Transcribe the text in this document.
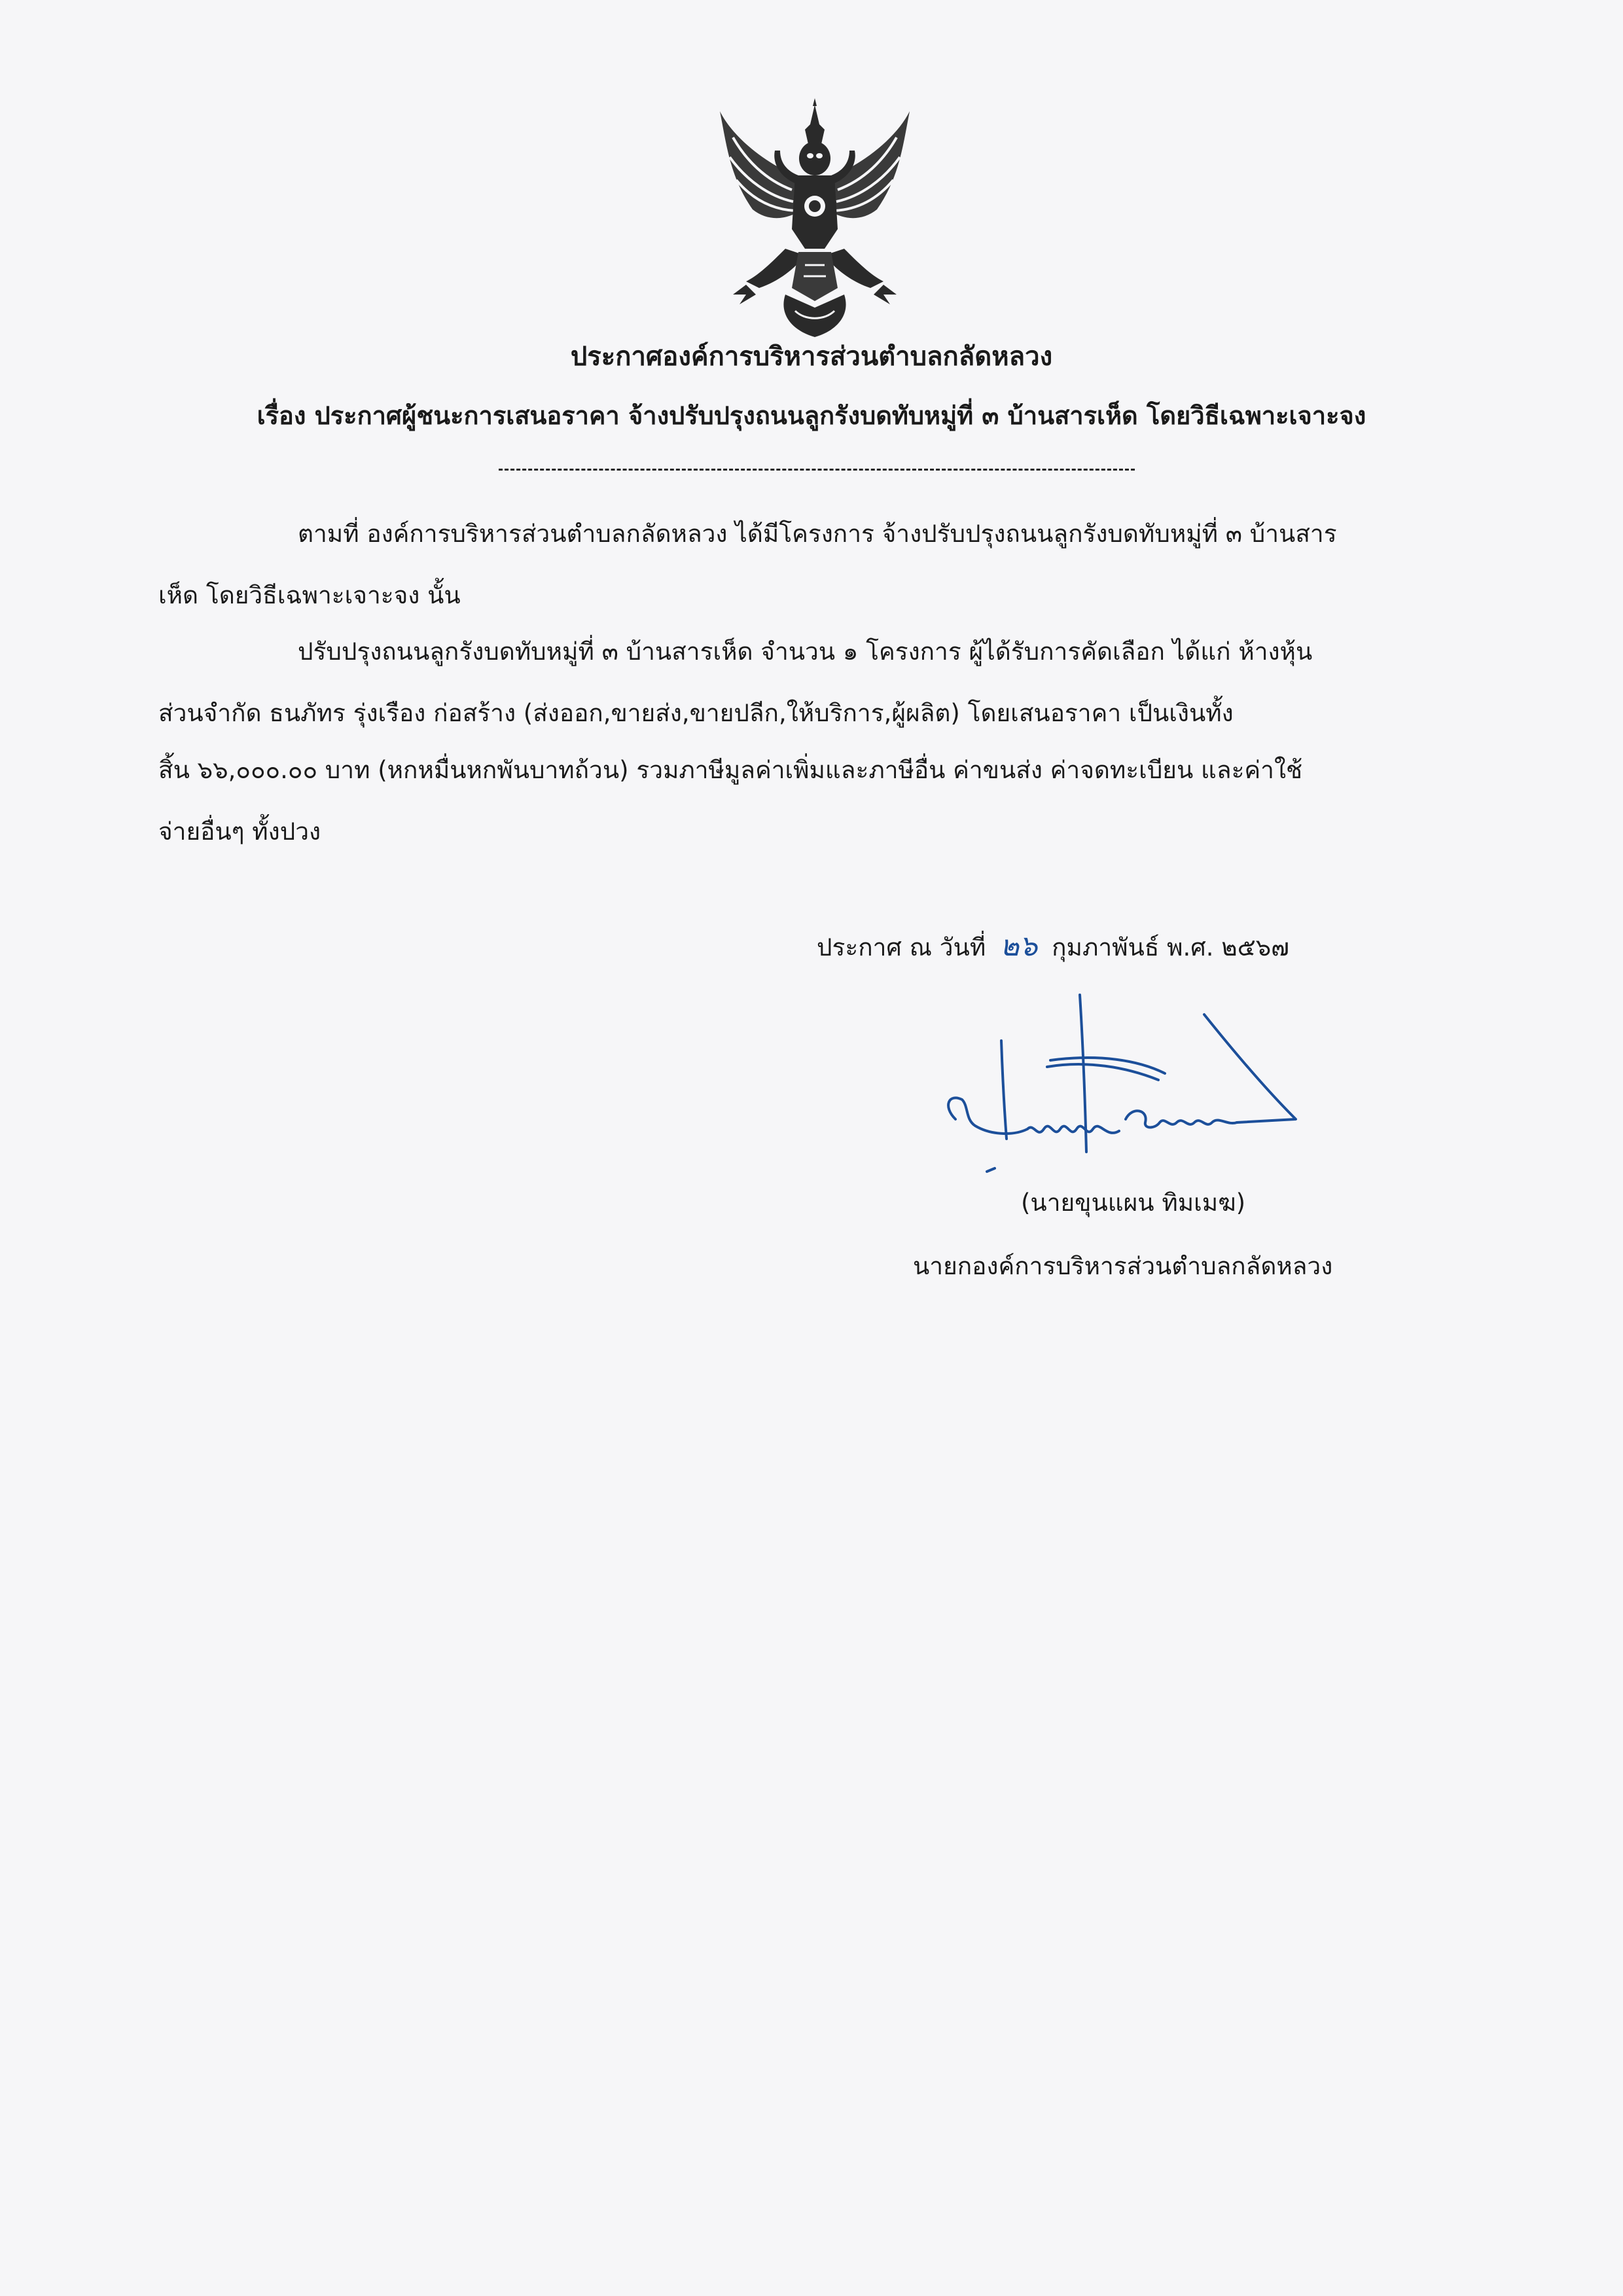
ประกาศองค์การบริหารส่วนตำบลกลัดหลวง
เรื่อง ประกาศผู้ชนะการเสนอราคา จ้างปรับปรุงถนนลูกรังบดทับหมู่ที่ ๓ บ้านสารเห็ด โดยวิธีเฉพาะเจาะจง
ตามที่ องค์การบริหารส่วนตำบลกลัดหลวง ได้มีโครงการ จ้างปรับปรุงถนนลูกรังบดทับหมู่ที่ ๓ บ้านสาร
เห็ด โดยวิธีเฉพาะเจาะจง นั้น
ปรับปรุงถนนลูกรังบดทับหมู่ที่ ๓ บ้านสารเห็ด จำนวน ๑ โครงการ ผู้ได้รับการคัดเลือก ได้แก่ ห้างหุ้น
ส่วนจำกัด ธนภัทร รุ่งเรือง ก่อสร้าง (ส่งออก,ขายส่ง,ขายปลีก,ให้บริการ,ผู้ผลิต) โดยเสนอราคา เป็นเงินทั้ง
สิ้น ๖๖,๐๐๐.๐๐ บาท (หกหมื่นหกพันบาทถ้วน) รวมภาษีมูลค่าเพิ่มและภาษีอื่น ค่าขนส่ง ค่าจดทะเบียน และค่าใช้
จ่ายอื่นๆ ทั้งปวง
ประกาศ ณ วันที่ ๒๖ กุมภาพันธ์ พ.ศ. ๒๕๖๗
(นายขุนแผน ทิมเมฆ)
นายกองค์การบริหารส่วนตำบลกลัดหลวง
